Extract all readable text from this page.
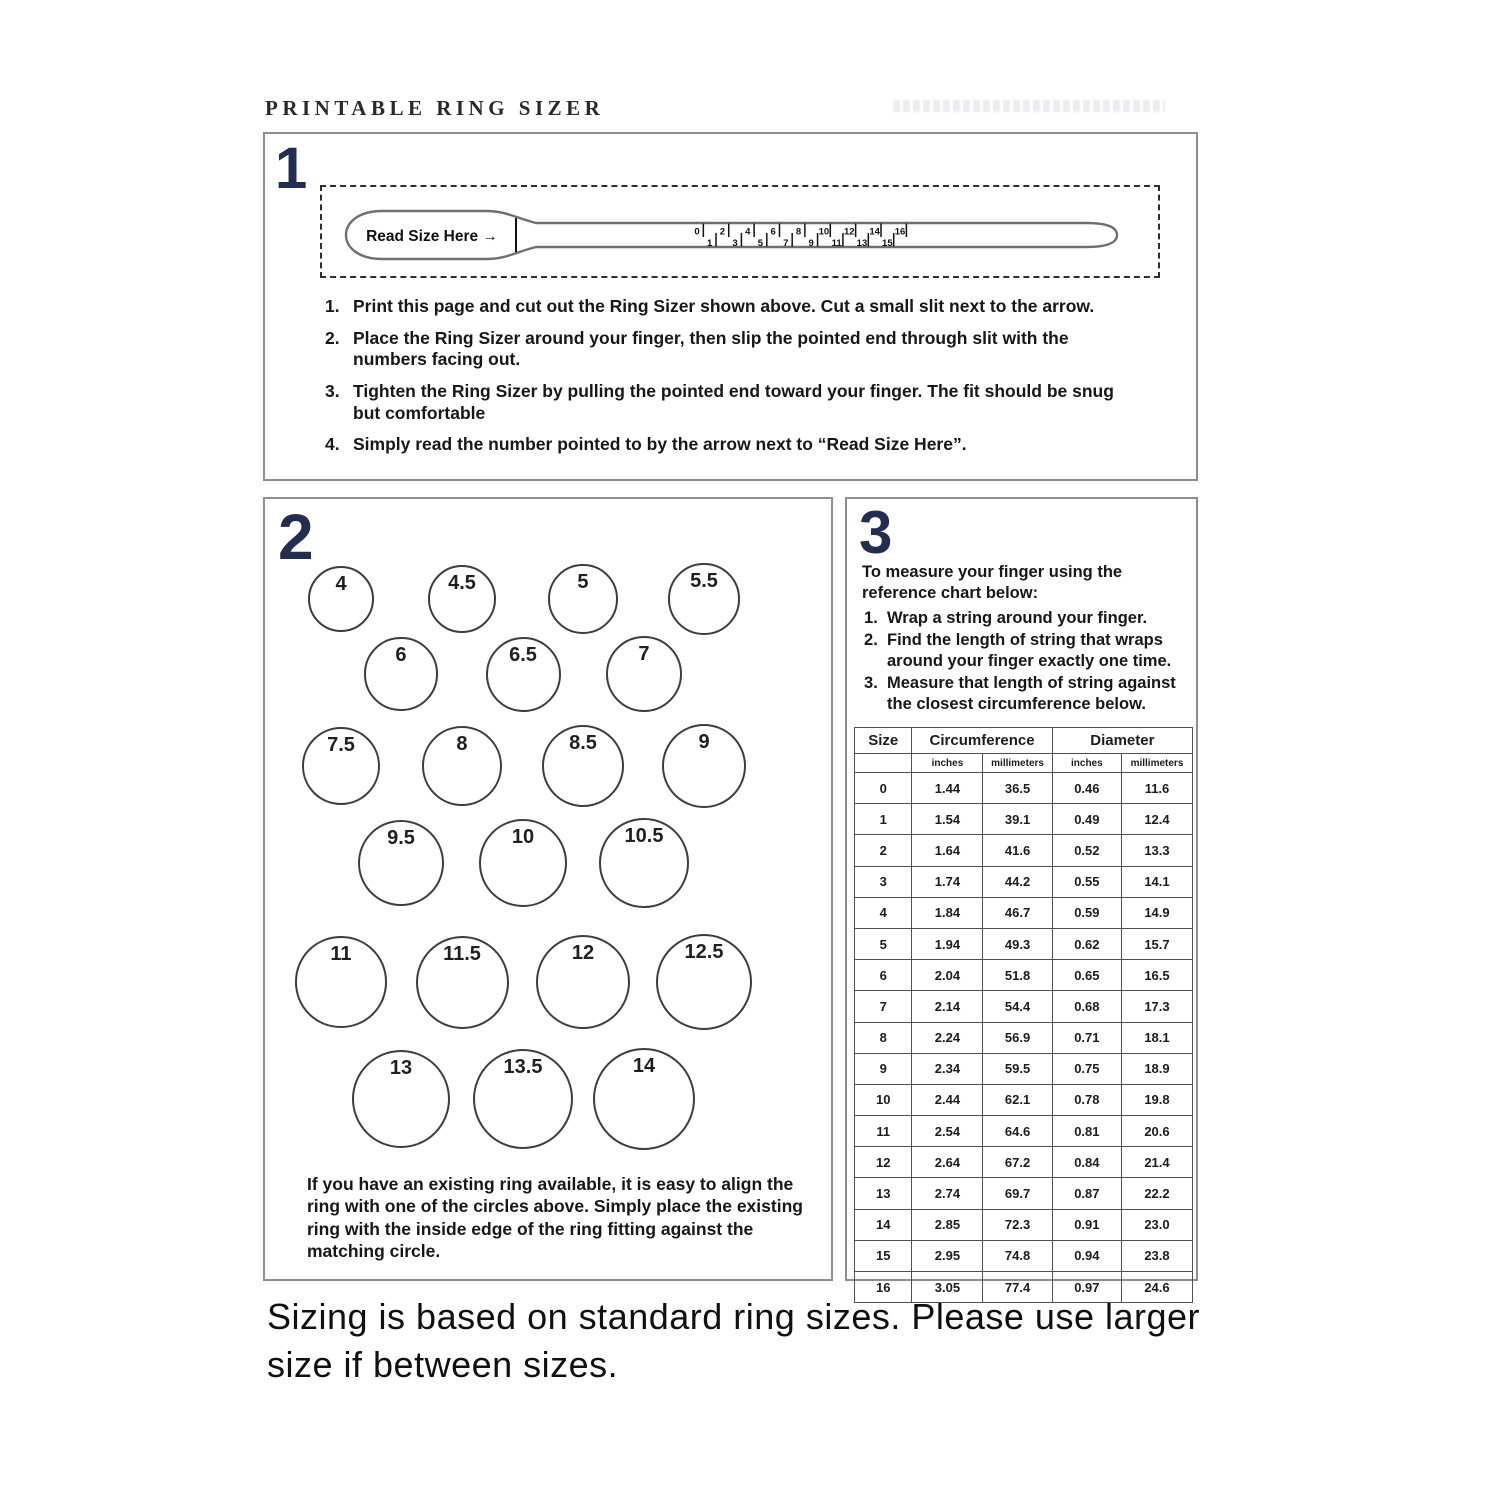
PRINTABLE RING SIZER
1
Read Size Here →	0
1
2
3
4
5
6
7
8
9
10
11
12
13
14
15
16
Print this page and cut out the Ring Sizer shown above. Cut a small slit next to the arrow.
Place the Ring Sizer around your finger, then slip the pointed end through slit with the numbers facing out.
Tighten the Ring Sizer by pulling the pointed end toward your finger. The fit should be snug but comfortable
Simply read the number pointed to by the arrow next to “Read Size Here”.
2
4	4.5	5	5.5
6	6.5	7
7.5	8	8.5	9
9.5	10	10.5
11	11.5	12	12.5
13	13.5	14
If you have an existing ring available, it is easy to align the ring with one of the circles above. Simply place the existing ring with the inside edge of the ring fitting against the matching circle.
3
To measure your finger using the reference chart below:
Wrap a string around your finger.
Find the length of string that wraps around your finger exactly one time.
Measure that length of string against the closest circumference below.
Size	Circumference		Diameter	
	inches	millimeters	inches	millimeters
0	1.44	36.5	0.46	11.6
1	1.54	39.1	0.49	12.4
2	1.64	41.6	0.52	13.3
3	1.74	44.2	0.55	14.1
4	1.84	46.7	0.59	14.9
5	1.94	49.3	0.62	15.7
6	2.04	51.8	0.65	16.5
7	2.14	54.4	0.68	17.3
8	2.24	56.9	0.71	18.1
9	2.34	59.5	0.75	18.9
10	2.44	62.1	0.78	19.8
11	2.54	64.6	0.81	20.6
12	2.64	67.2	0.84	21.4
13	2.74	69.7	0.87	22.2
14	2.85	72.3	0.91	23.0
15	2.95	74.8	0.94	23.8
16	3.05	77.4	0.97	24.6
Sizing is based on standard ring sizes. Please use larger size if between sizes.
